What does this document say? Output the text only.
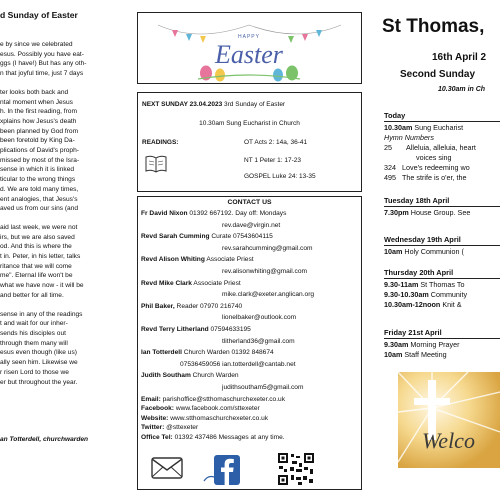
d Sunday of Easter
e by since we celebrated
esus. Possibly you have eat-
ggs (I have!) But has any oth-
n that joyful time, just 7 days
ter looks both back and
ntal moment when Jesus
h. In the first reading, from
xplains how Jesus's death
been planned by God from
been foretold by King Da-
plications of David's proph-
missed by most of the Isra-
sense in which it is linked
ticular to the wrong things
d. We are told many times,
ent analogies, that Jesus's
aved us from our sins (and
aid last week, we were not
irs, but we are also saved
od. And this is where the
t in. Peter, in his letter, talks
ritance that we will come
me". Eternal life won't be
what we have now - it will be
and better for all time.
sense in any of the readings
t and wait for our inher-
sends his disciples out
through them many will
esus even though (like us)
ally seen him. Likewise we
r risen Lord to those we
er but throughout the year.
an Totterdell, churchwarden
HAPPY
Easter
NEXT SUNDAY 23.04.2023 3rd Sunday of Easter
10.30am Sung Eucharist in Church
READINGS:	OT Acts 2: 14a, 36-41
NT 1 Peter 1: 17-23
GOSPEL Luke 24: 13-35
CONTACT US
Fr David Nixon 01392 667192. Day off: Mondays
rev.dave@virgin.net
Revd Sarah Cumming Curate 07543604115
rev.sarahcumming@gmail.com
Revd Alison Whiting Associate Priest
rev.alisonwhiting@gmail.com
Revd Mike Clark Associate Priest
mike.clark@exeter.anglican.org
Phil Baker, Reader 07970 216740
lionelbaker@outlook.com
Revd Terry Litherland 07594633195
tlitherland36@gmail.com
Ian Totterdell Church Warden 01392 848674
07536459056 ian.totterdell@cantab.net
Judith Southam Church Warden
judithsoutham5@gmail.com
Email: parishoffice@stthomaschurchexeter.co.uk
Facebook: www.facebook.com/sttexeter
Website: www.stthomaschurchexeter.co.uk
Twitter: @sttexeter
Office Tel: 01392 437486 Messages at any time.
St Thomas,
16th April 2
Second Sunday
10.30am in Ch
Today
10.30am Sung Eucharist
Hymn Numbers
25 Alleluia, alleluia, heart
voices sing
324 Love's redeeming wo
495 The strife is o'er, the
Tuesday 18th April
7.30pm House Group. See
Wednesday 19th April
10am Holy Communion (
Thursday 20th April
9.30-11am St Thomas To
9.30-10.30am Community
10.30am-12noon Knit &
Friday 21st April
9.30am Morning Prayer
10am Staff Meeting
Welco
